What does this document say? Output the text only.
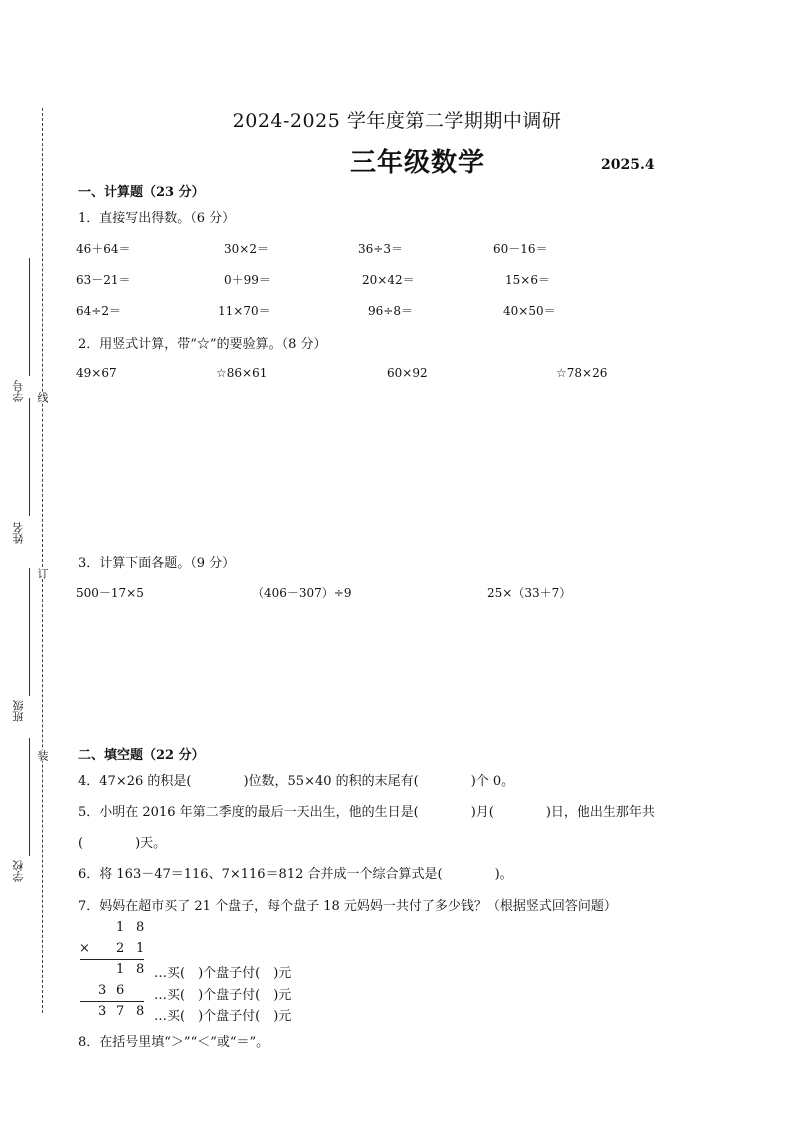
学号
姓名
班级
学校
线
订
装
2024-2025 学年度第二学期期中调研
三年级数学	2025.4
一、计算题（23 分）
1．直接写出得数。（6 分）
46＋64＝	30×2＝	36÷3＝	60－16＝
63－21＝	0＋99＝	20×42＝	15×6＝
64÷2＝	11×70＝	96÷8＝	40×50＝
2．用竖式计算，带“☆”的要验算。（8 分）
49×67	☆86×61	60×92	☆78×26
3．计算下面各题。（9 分）
500－17×5	（406－307）÷9	25×（33＋7）
二、填空题（22 分）
4．47×26 的积是(　　　　)位数，55×40 的积的末尾有(　　　　)个 0。
5．小明在 2016 年第二季度的最后一天出生，他的生日是(　　　　)月(　　　　)日，他出生那年共
(　　　　)天。
6．将 163－47＝116、7×116＝812 合并成一个综合算式是(　　　　)。
7．妈妈在超市买了 21 个盘子，每个盘子 18 元妈妈一共付了多少钱？（根据竖式回答问题）
1 8
× 2 1
1 8
3 6
3 7 8
…买(　)个盘子付(　)元
…买(　)个盘子付(　)元
…买(　)个盘子付(　)元
8．在括号里填“＞”“＜”或“＝”。
